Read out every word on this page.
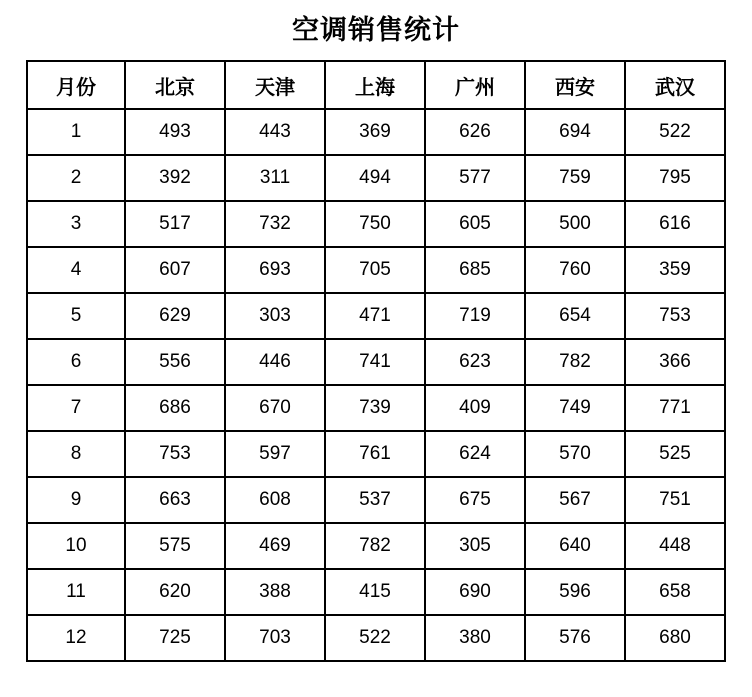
空调销售统计
月份	北京	天津	上海	广州	西安	武汉
1	493	443	369	626	694	522
2	392	311	494	577	759	795
3	517	732	750	605	500	616
4	607	693	705	685	760	359
5	629	303	471	719	654	753
6	556	446	741	623	782	366
7	686	670	739	409	749	771
8	753	597	761	624	570	525
9	663	608	537	675	567	751
10	575	469	782	305	640	448
11	620	388	415	690	596	658
12	725	703	522	380	576	680
